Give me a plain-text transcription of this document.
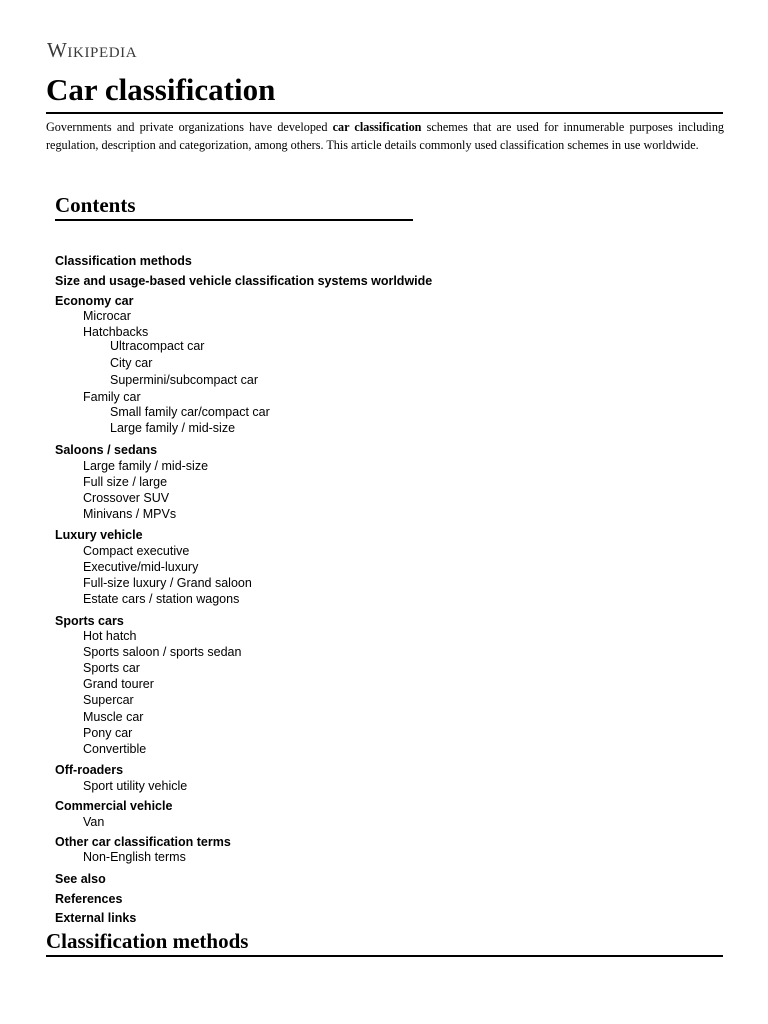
Wikipedia
Car classification

Governments and private organizations have developed car classification schemes that are used for innumerable purposes including regulation, description and categorization, among others. This article details commonly used classification schemes in use worldwide.

Contents
Classification methods
Size and usage-based vehicle classification systems worldwide
Economy car
Microcar
Hatchbacks
Ultracompact car
City car
Supermini/subcompact car
Family car
Small family car/compact car
Large family / mid-size
Saloons / sedans
Large family / mid-size
Full size / large
Crossover SUV
Minivans / MPVs
Luxury vehicle
Compact executive
Executive/mid-luxury
Full-size luxury / Grand saloon
Estate cars / station wagons
Sports cars
Hot hatch
Sports saloon / sports sedan
Sports car
Grand tourer
Supercar
Muscle car
Pony car
Convertible
Off-roaders
Sport utility vehicle
Commercial vehicle
Van
Other car classification terms
Non-English terms
See also
References
External links
Classification methods
